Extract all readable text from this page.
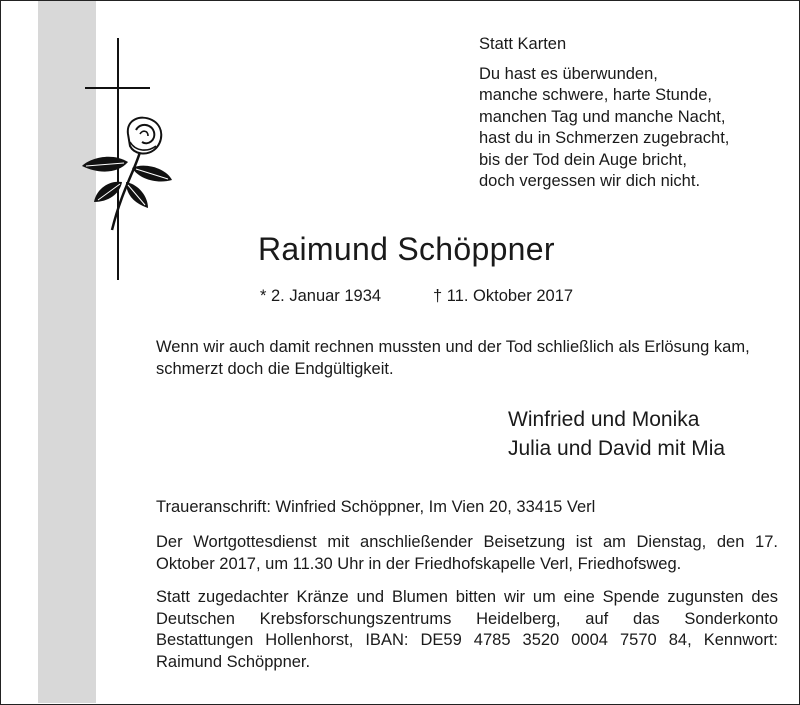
Statt Karten
Du hast es überwunden,
manche schwere, harte Stunde,
manchen Tag und manche Nacht,
hast du in Schmerzen zugebracht,
bis der Tod dein Auge bricht,
doch vergessen wir dich nicht.
Raimund Schöppner
* 2. Januar 1934	† 11. Oktober 2017
Wenn wir auch damit rechnen mussten und der Tod schließlich als Erlösung kam, schmerzt doch die Endgültigkeit.
Winfried und Monika
Julia und David mit Mia
Traueranschrift: Winfried Schöppner, Im Vien 20, 33415 Verl
Der Wortgottesdienst mit anschließender Beisetzung ist am Dienstag, den 17. Oktober 2017, um 11.30 Uhr in der Friedhofskapelle Verl, Friedhofsweg.
Statt zugedachter Kränze und Blumen bitten wir um eine Spende zugunsten des Deutschen Krebsforschungszentrums Heidelberg, auf das Sonderkonto Bestattungen Hollenhorst, IBAN: DE59 4785 3520 0004 7570 84, Kennwort: Raimund Schöppner.
